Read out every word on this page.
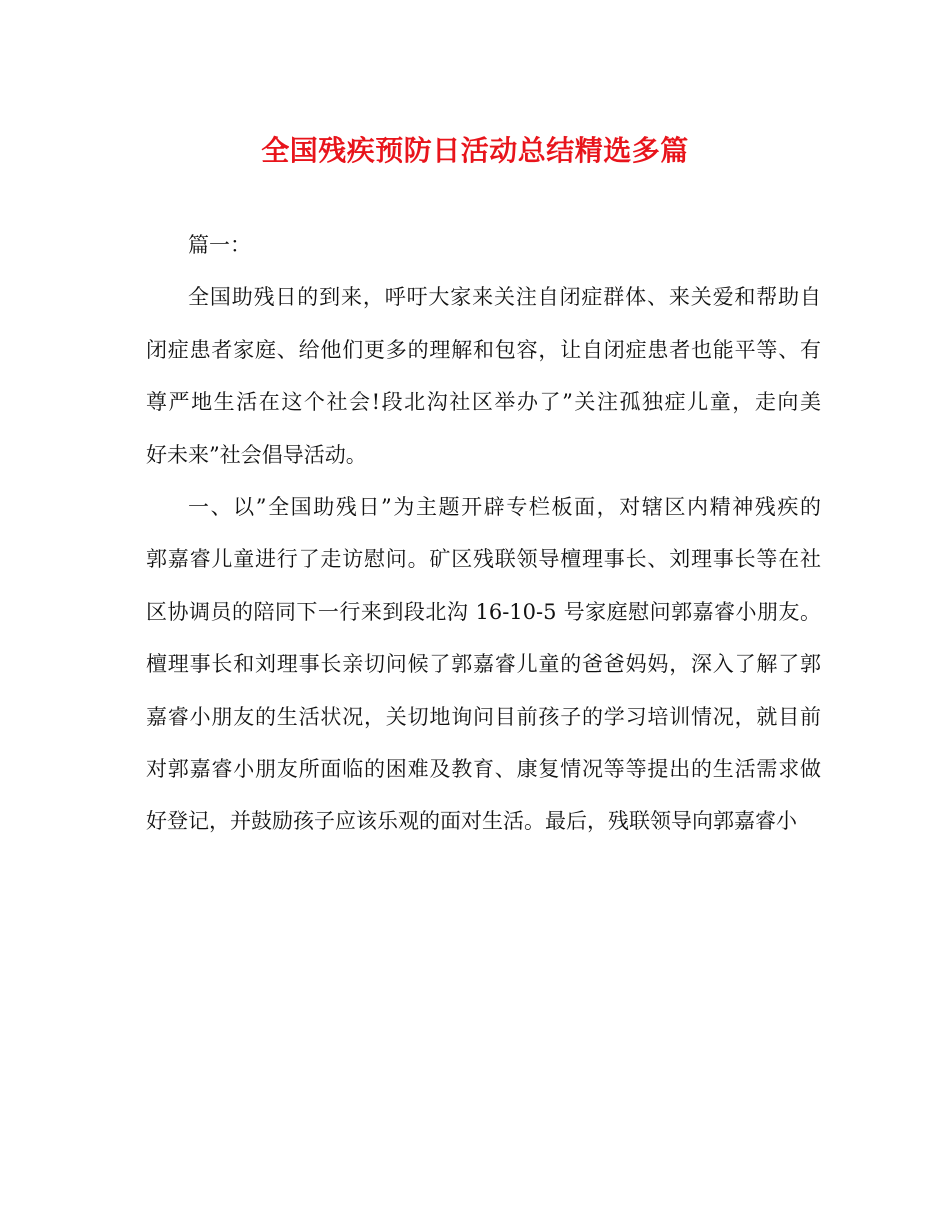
全国残疾预防日活动总结精选多篇
篇一：
全国助残日的到来，呼吁大家来关注自闭症群体、来关爱和帮助自
闭症患者家庭、给他们更多的理解和包容，让自闭症患者也能平等、有
尊严地生活在这个社会!段北沟社区举办了”关注孤独症儿童，走向美
好未来”社会倡导活动。
一、以”全国助残日”为主题开辟专栏板面，对辖区内精神残疾的
郭嘉睿儿童进行了走访慰问。矿区残联领导檀理事长、刘理事长等在社
区协调员的陪同下一行来到段北沟 16-10-5 号家庭慰问郭嘉睿小朋友。
檀理事长和刘理事长亲切问候了郭嘉睿儿童的爸爸妈妈，深入了解了郭
嘉睿小朋友的生活状况，关切地询问目前孩子的学习培训情况，就目前
对郭嘉睿小朋友所面临的困难及教育、康复情况等等提出的生活需求做
好登记，并鼓励孩子应该乐观的面对生活。最后，残联领导向郭嘉睿小
